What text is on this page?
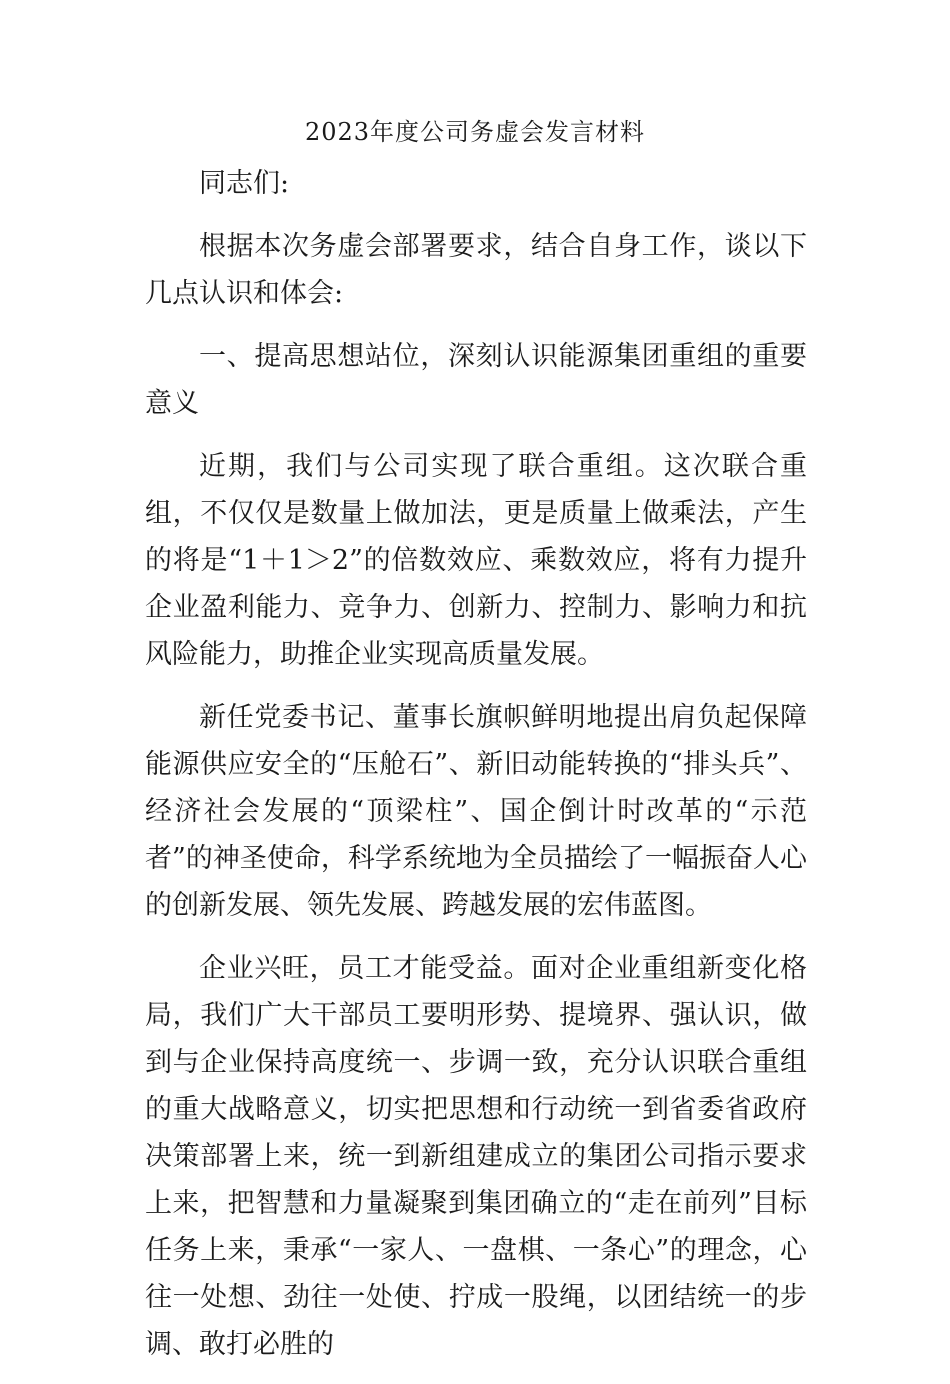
2023年度公司务虚会发言材料

同志们:

根据本次务虚会部署要求，结合自身工作，谈以下几点认识和体会:

一、提高思想站位，深刻认识能源集团重组的重要意义

近期，我们与公司实现了联合重组。这次联合重组，不仅仅是数量上做加法，更是质量上做乘法，产生的将是“1＋1＞2”的倍数效应、乘数效应，将有力提升企业盈利能力、竞争力、创新力、控制力、影响力和抗风险能力，助推企业实现高质量发展。

新任党委书记、董事长旗帜鲜明地提出肩负起保障能源供应安全的“压舱石”、新旧动能转换的“排头兵”、经济社会发展的“顶梁柱”、国企倒计时改革的“示范者”的神圣使命，科学系统地为全员描绘了一幅振奋人心的创新发展、领先发展、跨越发展的宏伟蓝图。

企业兴旺，员工才能受益。面对企业重组新变化格局，我们广大干部员工要明形势、提境界、强认识，做到与企业保持高度统一、步调一致，充分认识联合重组的重大战略意义，切实把思想和行动统一到省委省政府决策部署上来，统一到新组建成立的集团公司指示要求上来，把智慧和力量凝聚到集团确立的“走在前列”目标任务上来，秉承“一家人、一盘棋、一条心”的理念，心往一处想、劲往一处使、拧成一股绳，以团结统一的步调、敢打必胜的
